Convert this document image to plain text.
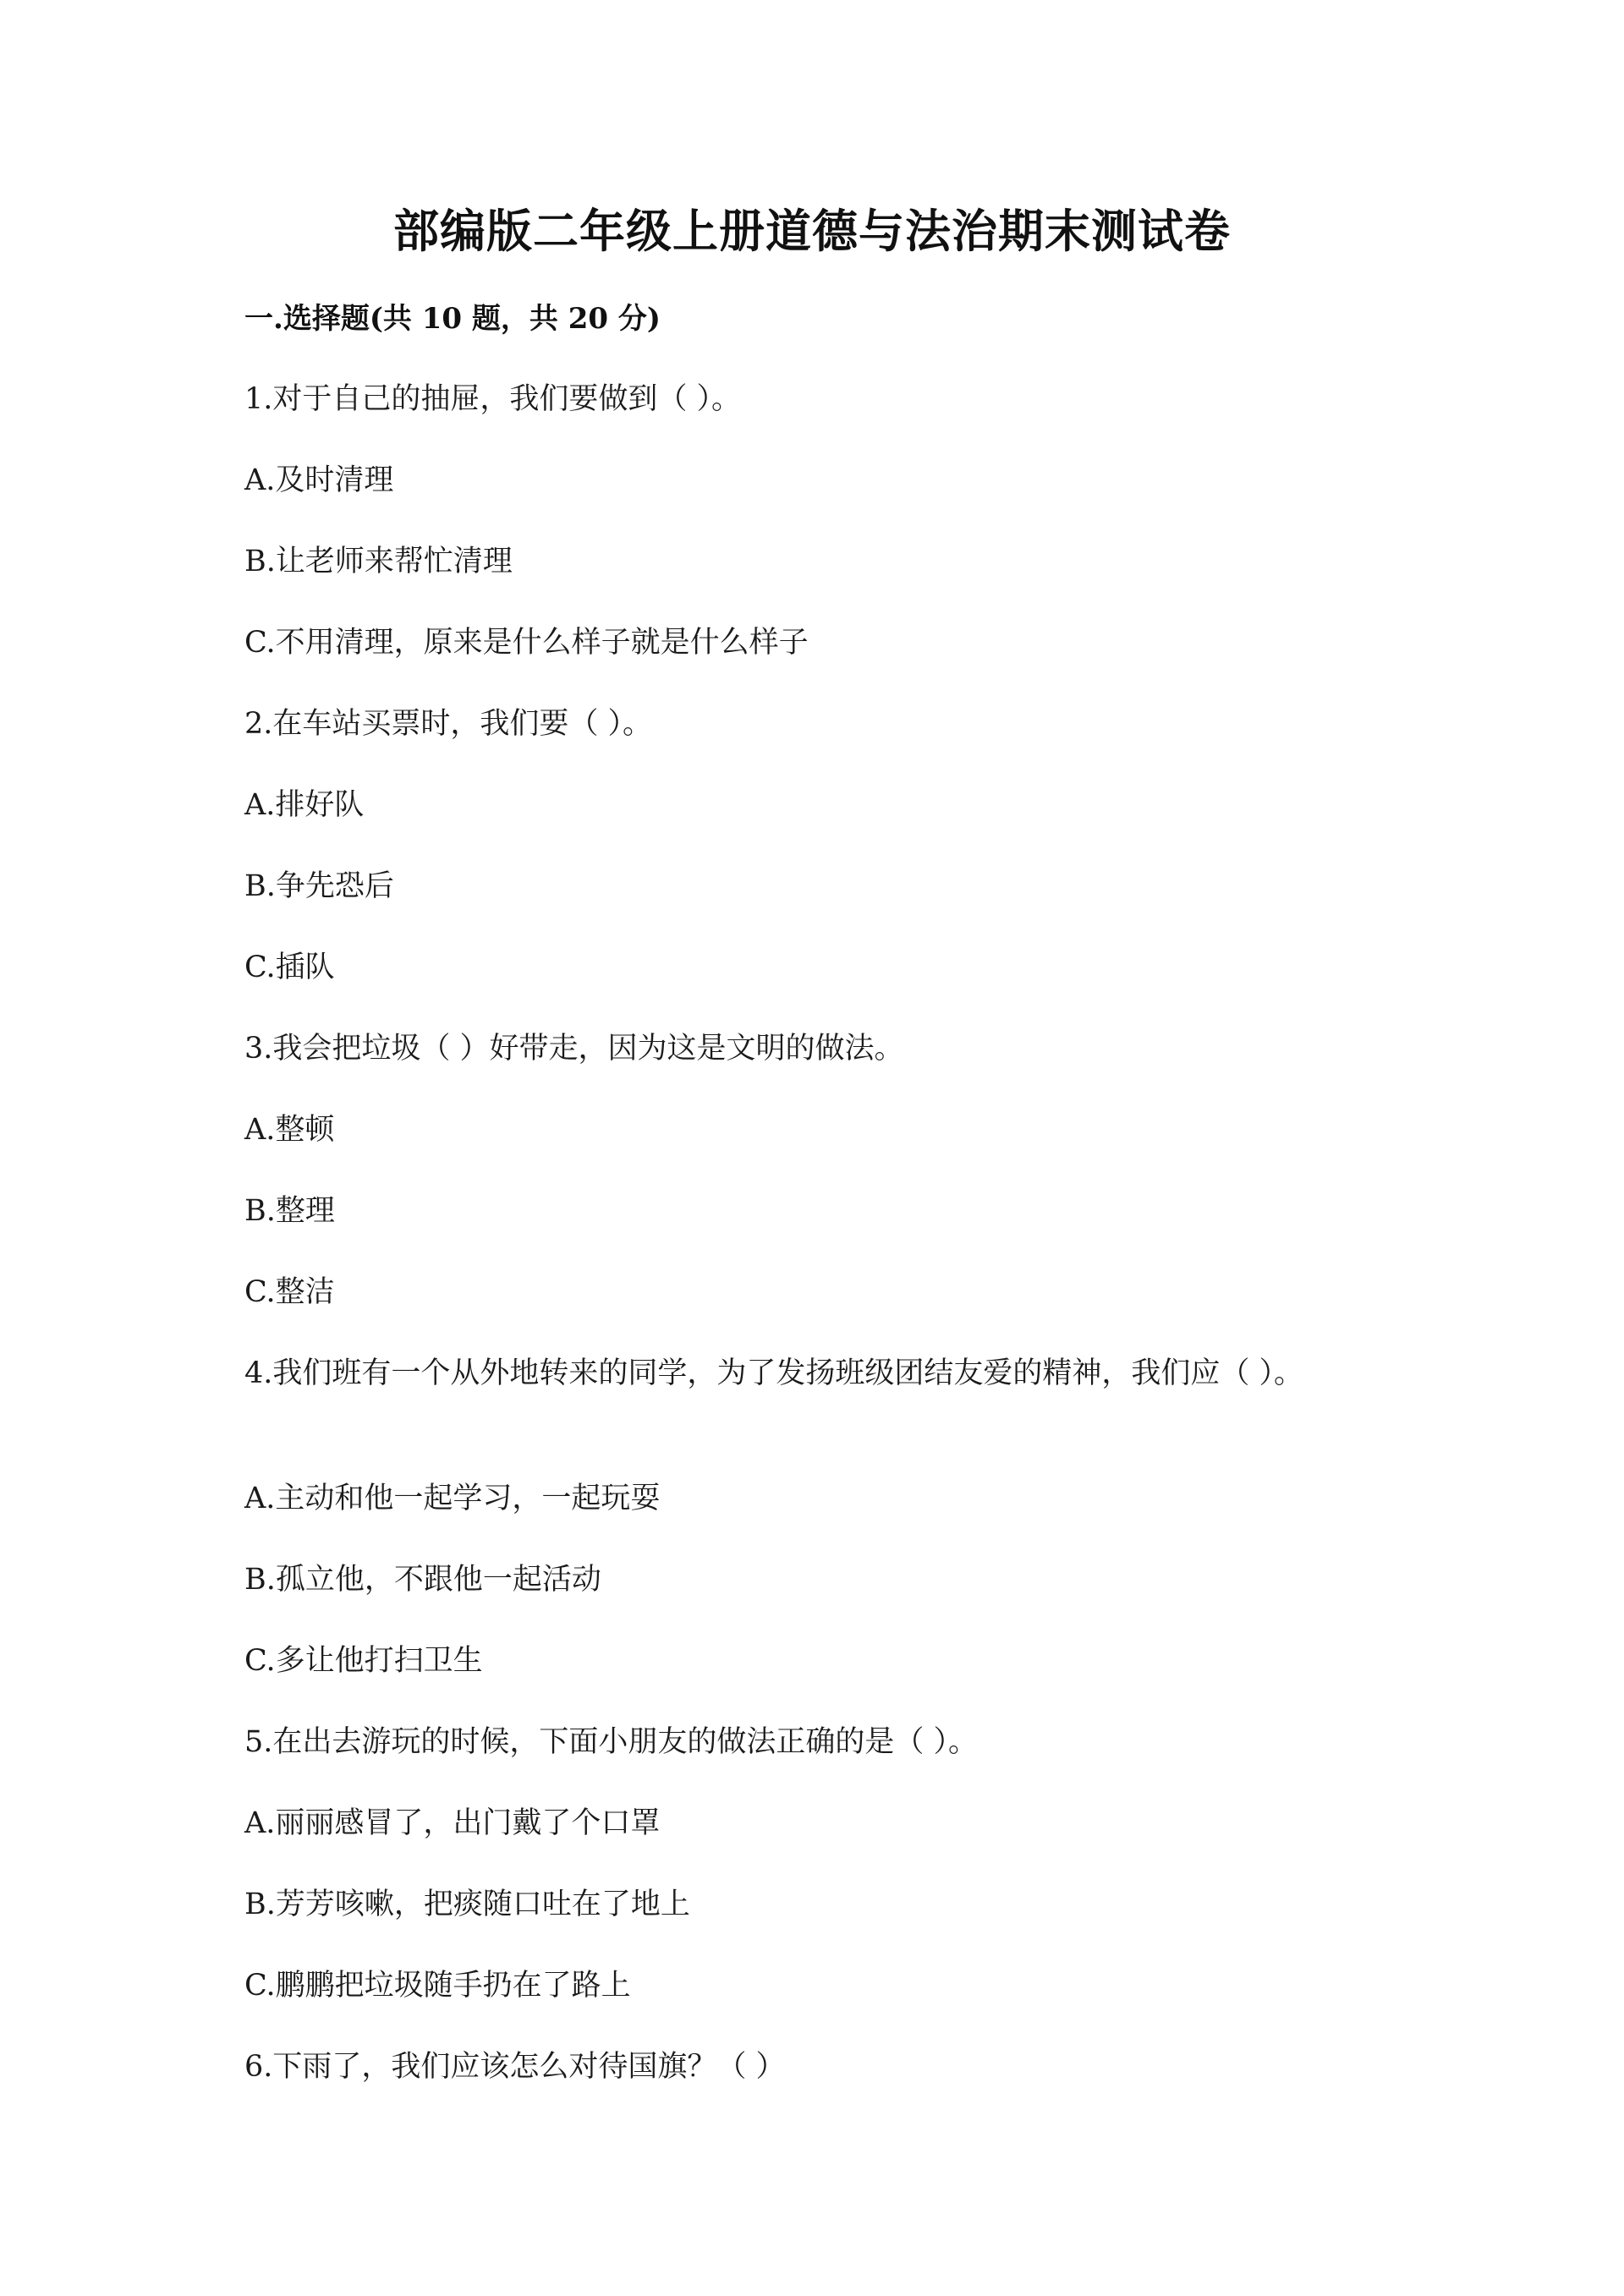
部编版二年级上册道德与法治期末测试卷
一.选择题(共 10 题，共 20 分)
1.对于自己的抽屉，我们要做到（ ）。
A.及时清理
B.让老师来帮忙清理
C.不用清理，原来是什么样子就是什么样子
2.在车站买票时，我们要（ ）。
A.排好队
B.争先恐后
C.插队
3.我会把垃圾（ ）好带走，因为这是文明的做法。
A.整顿
B.整理
C.整洁
4.我们班有一个从外地转来的同学，为了发扬班级团结友爱的精神，我们应（ ）。
A.主动和他一起学习，一起玩耍
B.孤立他，不跟他一起活动
C.多让他打扫卫生
5.在出去游玩的时候，下面小朋友的做法正确的是（ ）。
A.丽丽感冒了，出门戴了个口罩
B.芳芳咳嗽，把痰随口吐在了地上
C.鹏鹏把垃圾随手扔在了路上
6.下雨了，我们应该怎么对待国旗？（ ）
